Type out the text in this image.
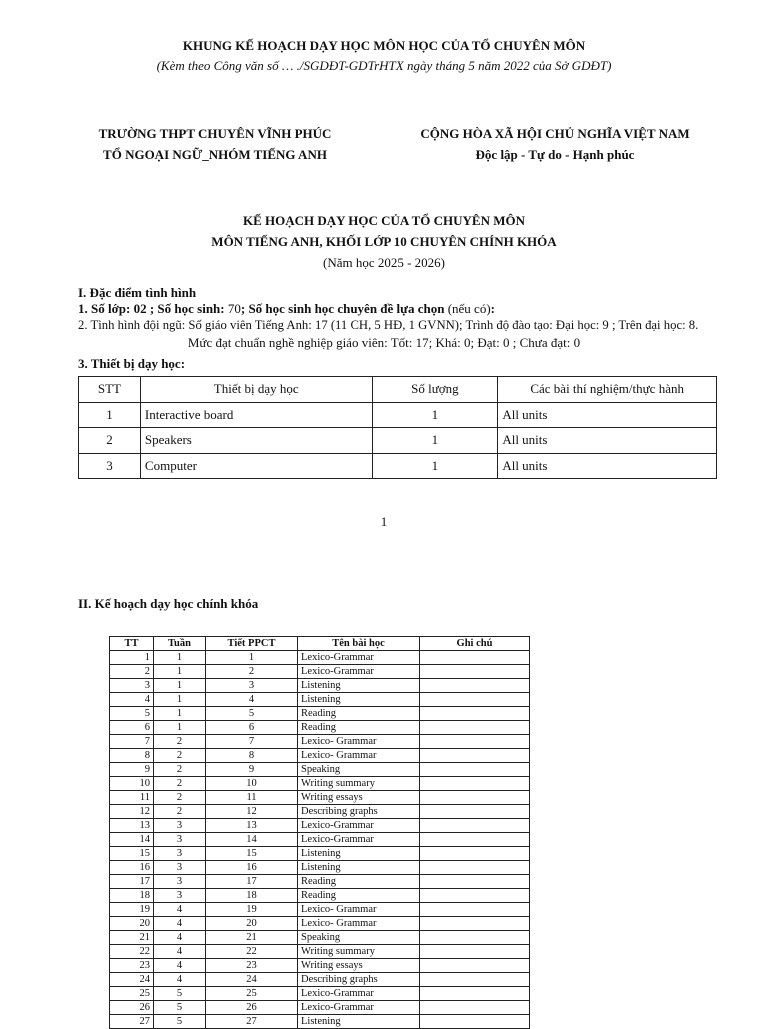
KHUNG KẾ HOẠCH DẠY HỌC MÔN HỌC CỦA TỔ CHUYÊN MÔN
(Kèm theo Công văn số … ./SGDĐT-GDTrHTX ngày tháng 5 năm 2022 của Sở GDĐT)
TRƯỜNG THPT CHUYÊN VĨNH PHÚC
TỔ NGOẠI NGỮ_NHÓM TIẾNG ANH
CỘNG HÒA XÃ HỘI CHỦ NGHĨA VIỆT NAM
Độc lập - Tự do - Hạnh phúc
KẾ HOẠCH DẠY HỌC CỦA TỔ CHUYÊN MÔN
MÔN TIẾNG ANH, KHỐI LỚP 10 CHUYÊN CHÍNH KHÓA
(Năm học 2025 - 2026)
I. Đặc điểm tình hình
1. Số lớp: 02 ; Số học sinh: 70; Số học sinh học chuyên đề lựa chọn (nếu có):
2. Tình hình đội ngũ: Số giáo viên Tiếng Anh: 17 (11 CH, 5 HĐ, 1 GVNN); Trình độ đào tạo: Đại học: 9 ; Trên đại học: 8.
Mức đạt chuẩn nghề nghiệp giáo viên: Tốt: 17; Khá: 0; Đạt: 0 ; Chưa đạt: 0
3. Thiết bị dạy học:
STT	Thiết bị dạy học	Số lượng	Các bài thí nghiệm/thực hành
1	Interactive board	1	All units
2	Speakers	1	All units
3	Computer	1	All units
1
II. Kế hoạch dạy học chính khóa
TT	Tuần	Tiết PPCT	Tên bài học	Ghi chú
1	1	1	Lexico-Grammar	
2	1	2	Lexico-Grammar	
3	1	3	Listening	
4	1	4	Listening	
5	1	5	Reading	
6	1	6	Reading	
7	2	7	Lexico- Grammar	
8	2	8	Lexico- Grammar	
9	2	9	Speaking	
10	2	10	Writing summary	
11	2	11	Writing essays	
12	2	12	Describing graphs	
13	3	13	Lexico-Grammar	
14	3	14	Lexico-Grammar	
15	3	15	Listening	
16	3	16	Listening	
17	3	17	Reading	
18	3	18	Reading	
19	4	19	Lexico- Grammar	
20	4	20	Lexico- Grammar	
21	4	21	Speaking	
22	4	22	Writing summary	
23	4	23	Writing essays	
24	4	24	Describing graphs	
25	5	25	Lexico-Grammar	
26	5	26	Lexico-Grammar	
27	5	27	Listening	
